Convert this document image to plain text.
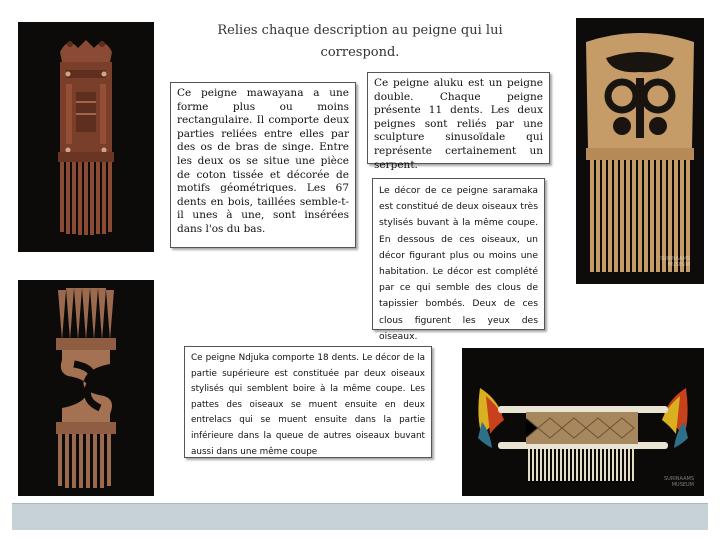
Relies chaque description au peigne qui lui correspond.
SURINAAMS MUSEUM
SURINAAMS MUSEUM
Ce peigne mawayana a une forme plus ou moins rectangulaire. Il comporte deux parties reliées entre elles par des os de bras de singe. Entre les deux os se situe une pièce de coton tissée et décorée de motifs géométriques. Les 67 dents en bois, taillées semble-t-il unes à une, sont insérées dans l'os du bas.
Ce peigne aluku est un peigne double. Chaque peigne présente 11 dents. Les deux peignes sont reliés par une sculpture sinusoïdale qui représente certainement un serpent.
Le décor de ce peigne saramaka est constitué de deux oiseaux très stylisés buvant à la même coupe. En dessous de ces oiseaux, un décor figurant plus ou moins une habitation. Le décor est complété par ce qui semble des clous de tapissier bombés. Deux de ces clous figurent les yeux des oiseaux.
Ce peigne Ndjuka comporte 18 dents. Le décor de la partie supérieure est constituée par deux oiseaux stylisés qui semblent boire à la même coupe. Les pattes des oiseaux se muent ensuite en deux entrelacs qui se muent ensuite dans la partie inférieure dans la queue de autres oiseaux buvant aussi dans une même coupe
